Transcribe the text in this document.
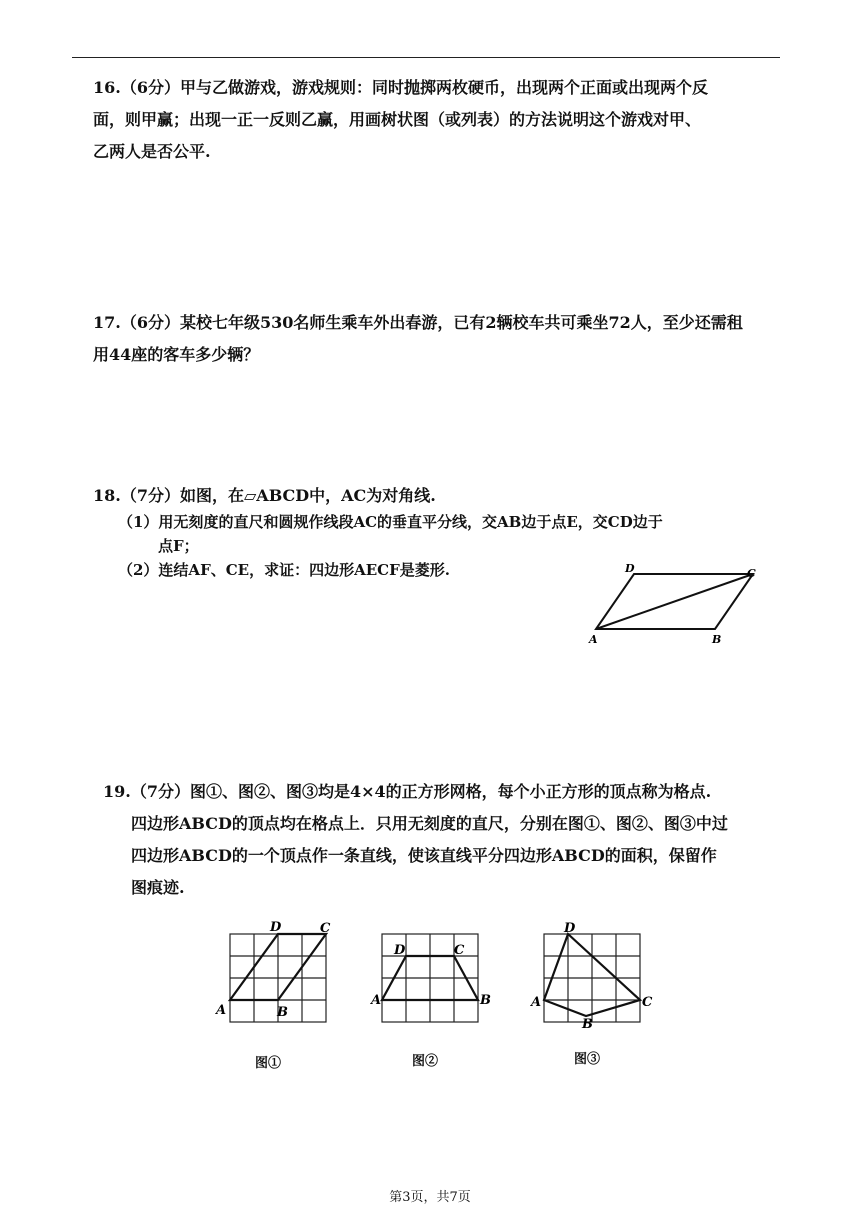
16.（6分）甲与乙做游戏，游戏规则：同时抛掷两枚硬币，出现两个正面或出现两个反

面，则甲赢；出现一正一反则乙赢，用画树状图（或列表）的方法说明这个游戏对甲、

乙两人是否公平.

17.（6分）某校七年级530名师生乘车外出春游，已有2辆校车共可乘坐72人，至少还需租

用44座的客车多少辆？

18.（7分）如图，在▱ABCD中，AC为对角线.

（1）用无刻度的直尺和圆规作线段AC的垂直平分线，交AB边于点E，交CD边于

点F；

（2）连结AF、CE，求证：四边形AECF是菱形.

A	B
C
D

19.（7分）图①、图②、图③均是4×4的正方形网格，每个小正方形的顶点称为格点.

四边形ABCD的顶点均在格点上．只用无刻度的直尺，分别在图①、图②、图③中过

四边形ABCD的一个顶点作一条直线，使该直线平分四边形ABCD的面积，保留作

图痕迹.

A	B
C
D
图①
A	B
C
D
图②
A
B
C
D
图③
第3页，共7页
